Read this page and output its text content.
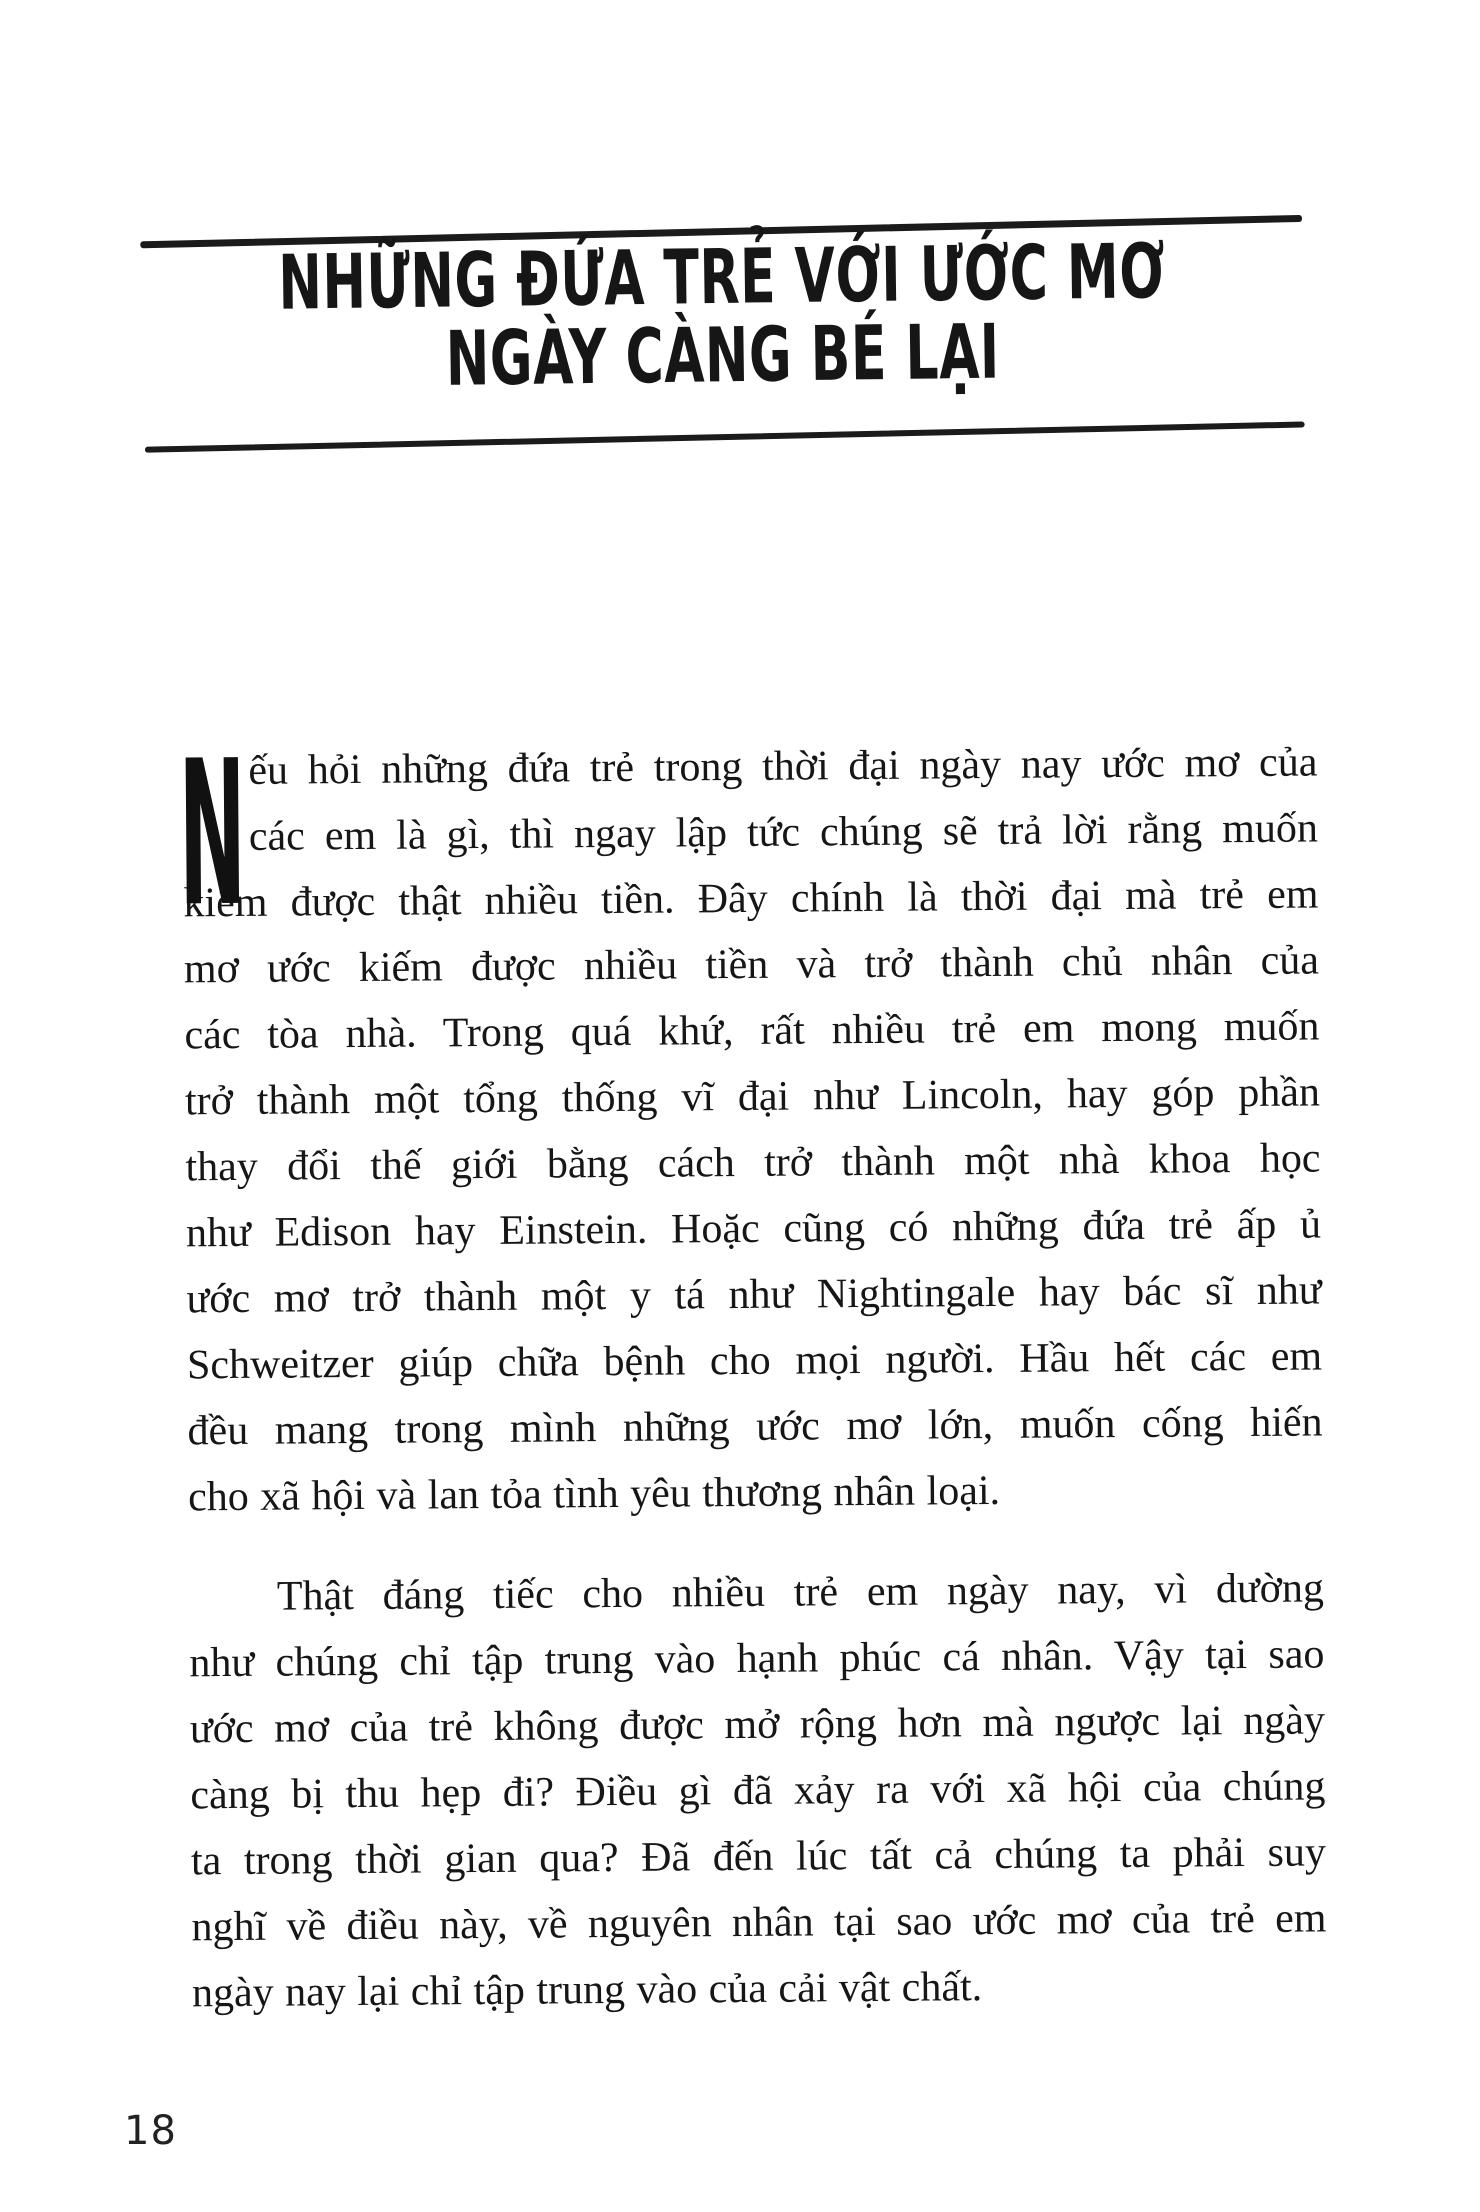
NHỮNG ĐỨA TRẺ VỚI ƯỚC MƠ
NGÀY CÀNG BÉ LẠI
N ếu hỏi những đứa trẻ trong thời đại ngày nay ước mơ của
các em là gì, thì ngay lập tức chúng sẽ trả lời rằng muốn
kiếm được thật nhiều tiền. Đây chính là thời đại mà trẻ em
mơ ước kiếm được nhiều tiền và trở thành chủ nhân của
các tòa nhà. Trong quá khứ, rất nhiều trẻ em mong muốn
trở thành một tổng thống vĩ đại như Lincoln, hay góp phần
thay đổi thế giới bằng cách trở thành một nhà khoa học
như Edison hay Einstein. Hoặc cũng có những đứa trẻ ấp ủ
ước mơ trở thành một y tá như Nightingale hay bác sĩ như
Schweitzer giúp chữa bệnh cho mọi người. Hầu hết các em
đều mang trong mình những ước mơ lớn, muốn cống hiến
cho xã hội và lan tỏa tình yêu thương nhân loại.
Thật đáng tiếc cho nhiều trẻ em ngày nay, vì dường
như chúng chỉ tập trung vào hạnh phúc cá nhân. Vậy tại sao
ước mơ của trẻ không được mở rộng hơn mà ngược lại ngày
càng bị thu hẹp đi? Điều gì đã xảy ra với xã hội của chúng
ta trong thời gian qua? Đã đến lúc tất cả chúng ta phải suy
nghĩ về điều này, về nguyên nhân tại sao ước mơ của trẻ em
ngày nay lại chỉ tập trung vào của cải vật chất.
18
